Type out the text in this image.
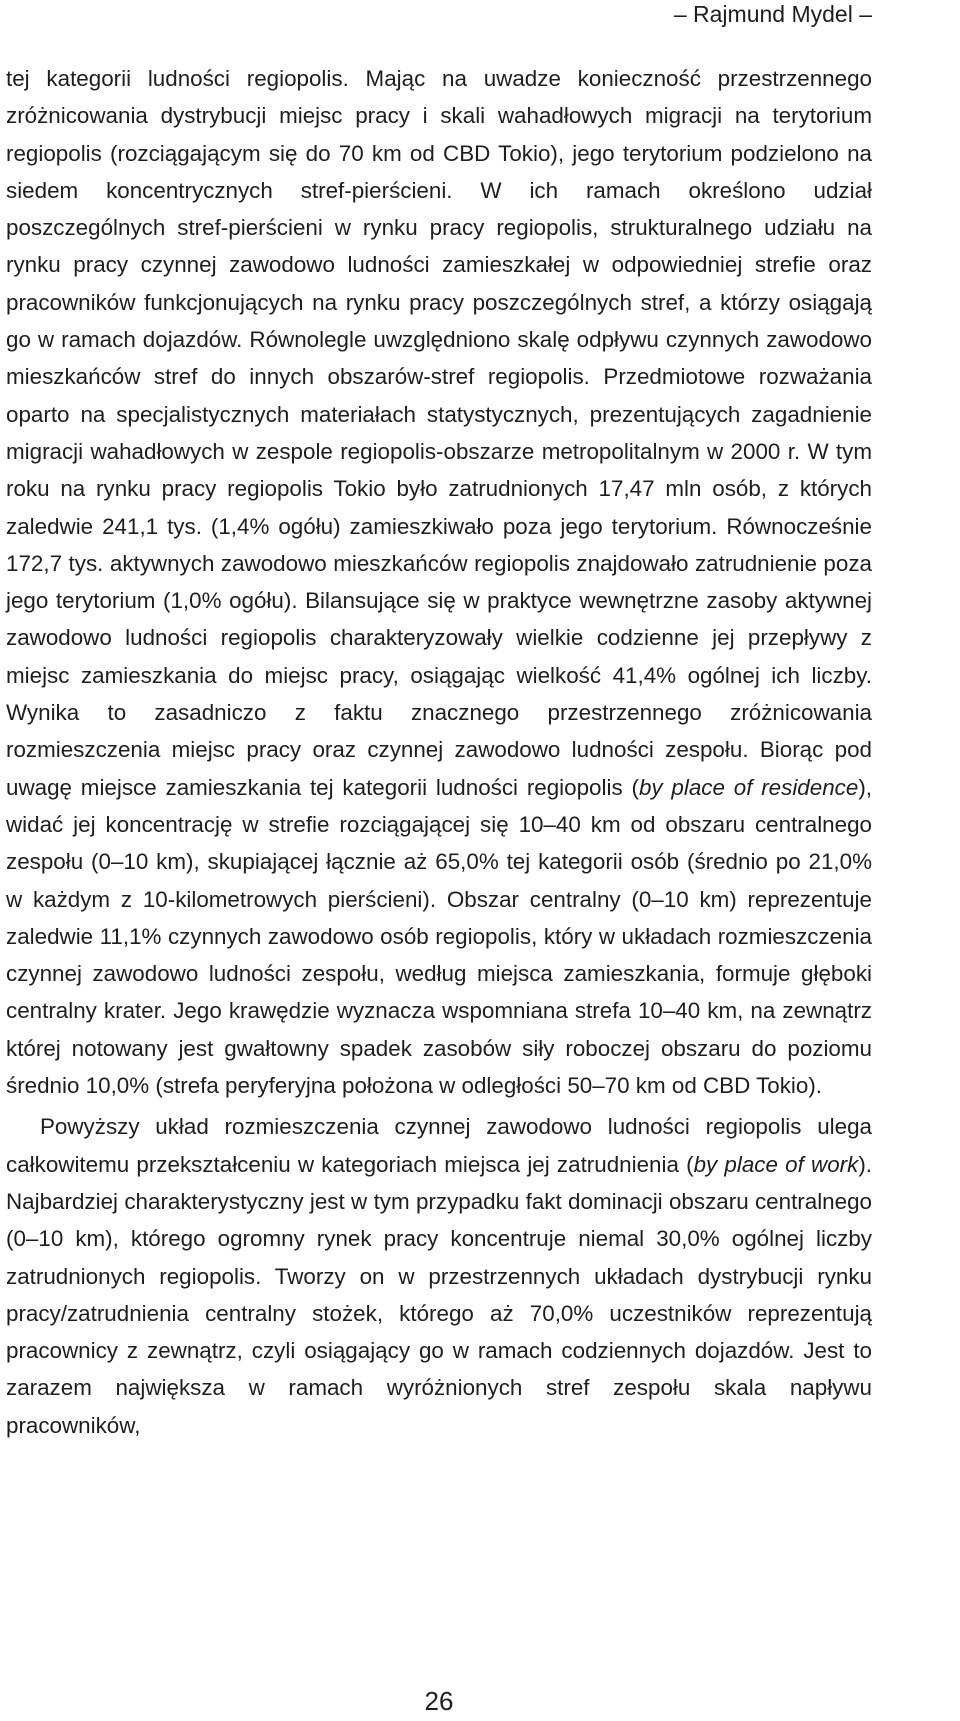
– Rajmund Mydel –

tej kategorii ludności regiopolis. Mając na uwadze konieczność przestrzennego zróżnicowania dystrybucji miejsc pracy i skali wahadłowych migracji na terytorium regiopolis (rozciągającym się do 70 km od CBD Tokio), jego terytorium podzielono na siedem koncentrycznych stref-pierścieni. W ich ramach określono udział poszczególnych stref-pierścieni w rynku pracy regiopolis, strukturalnego udziału na rynku pracy czynnej zawodowo ludności zamieszkałej w odpowiedniej strefie oraz pracowników funkcjonujących na rynku pracy poszczególnych stref, a którzy osiągają go w ramach dojazdów. Równolegle uwzględniono skalę odpływu czynnych zawodowo mieszkańców stref do innych obszarów-stref regiopolis. Przedmiotowe rozważania oparto na specjalistycznych materiałach statystycznych, prezentujących zagadnienie migracji wahadłowych w zespole regiopolis-obszarze metropolitalnym w 2000 r. W tym roku na rynku pracy regiopolis Tokio było zatrudnionych 17,47 mln osób, z których zaledwie 241,1 tys. (1,4% ogółu) zamieszkiwało poza jego terytorium. Równocześnie 172,7 tys. aktywnych zawodowo mieszkańców regiopolis znajdowało zatrudnienie poza jego terytorium (1,0% ogółu). Bilansujące się w praktyce wewnętrzne zasoby aktywnej zawodowo ludności regiopolis charakteryzowały wielkie codzienne jej przepływy z miejsc zamieszkania do miejsc pracy, osiągając wielkość 41,4% ogólnej ich liczby. Wynika to zasadniczo z faktu znacznego przestrzennego zróżnicowania rozmieszczenia miejsc pracy oraz czynnej zawodowo ludności zespołu. Biorąc pod uwagę miejsce zamieszkania tej kategorii ludności regiopolis (by place of residence), widać jej koncentrację w strefie rozciągającej się 10–40 km od obszaru centralnego zespołu (0–10 km), skupiającej łącznie aż 65,0% tej kategorii osób (średnio po 21,0% w każdym z 10-kilometrowych pierścieni). Obszar centralny (0–10 km) reprezentuje zaledwie 11,1% czynnych zawodowo osób regiopolis, który w układach rozmieszczenia czynnej zawodowo ludności zespołu, według miejsca zamieszkania, formuje głęboki centralny krater. Jego krawędzie wyznacza wspomniana strefa 10–40 km, na zewnątrz której notowany jest gwałtowny spadek zasobów siły roboczej obszaru do poziomu średnio 10,0% (strefa peryferyjna położona w odległości 50–70 km od CBD Tokio).

Powyższy układ rozmieszczenia czynnej zawodowo ludności regiopolis ulega całkowitemu przekształceniu w kategoriach miejsca jej zatrudnienia (by place of work). Najbardziej charakterystyczny jest w tym przypadku fakt dominacji obszaru centralnego (0–10 km), którego ogromny rynek pracy koncentruje niemal 30,0% ogólnej liczby zatrudnionych regiopolis. Tworzy on w przestrzennych układach dystrybucji rynku pracy/zatrudnienia centralny stożek, którego aż 70,0% uczestników reprezentują pracownicy z zewnątrz, czyli osiągający go w ramach codziennych dojazdów. Jest to zarazem największa w ramach wyróżnionych stref zespołu skala napływu pracowników,

26
